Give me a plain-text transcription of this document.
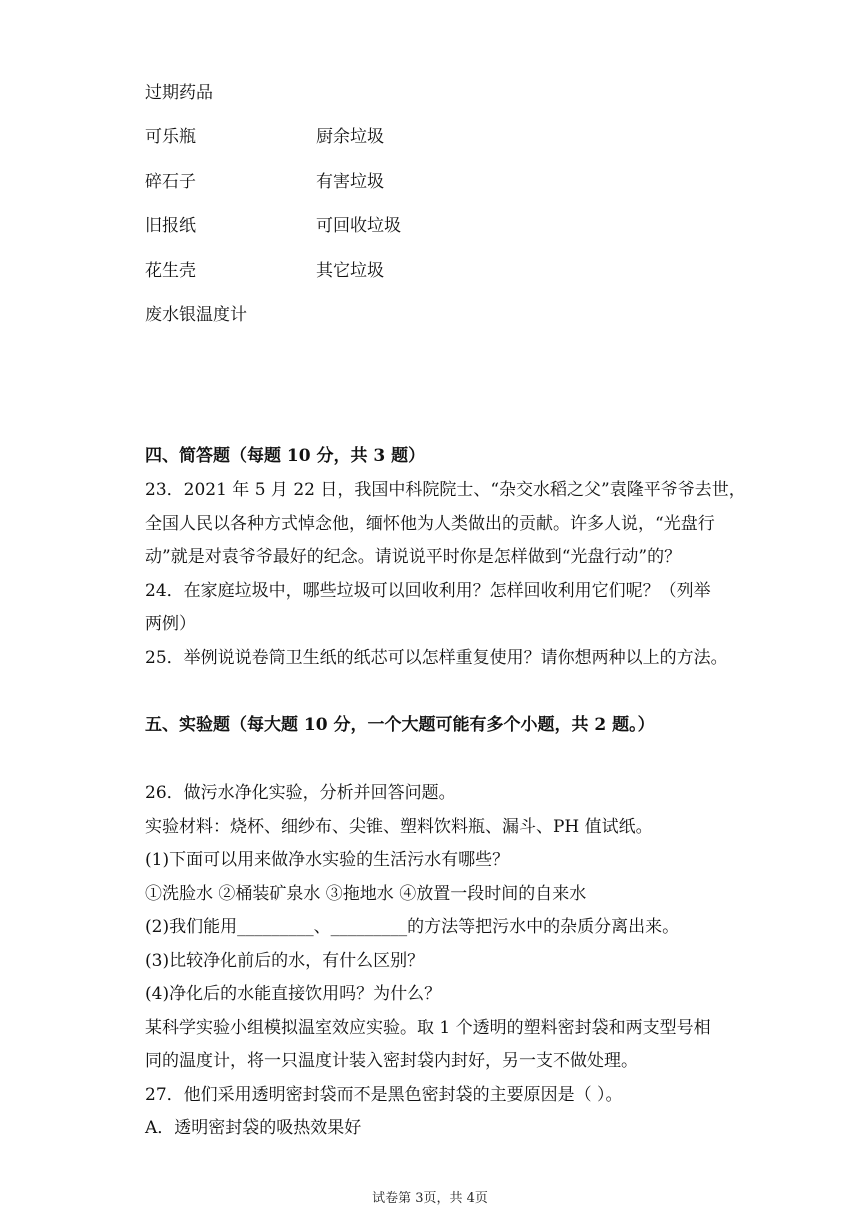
过期药品
可乐瓶	厨余垃圾
碎石子	有害垃圾
旧报纸	可回收垃圾
花生壳	其它垃圾
废水银温度计
四、简答题（每题 10 分，共 3 题）
23．2021 年 5 月 22 日，我国中科院院士、“杂交水稻之父”袁隆平爷爷去世，
全国人民以各种方式悼念他，缅怀他为人类做出的贡献。许多人说，“光盘行
动”就是对袁爷爷最好的纪念。请说说平时你是怎样做到“光盘行动”的？
24．在家庭垃圾中，哪些垃圾可以回收利用？怎样回收利用它们呢？（列举
两例）
25．举例说说卷筒卫生纸的纸芯可以怎样重复使用？请你想两种以上的方法。
五、实验题（每大题 10 分，一个大题可能有多个小题，共 2 题。）
26．做污水净化实验，分析并回答问题。
实验材料：烧杯、细纱布、尖锥、塑料饮料瓶、漏斗、PH 值试纸。
(1)下面可以用来做净水实验的生活污水有哪些？
①洗脸水 ②桶装矿泉水 ③拖地水 ④放置一段时间的自来水
(2)我们能用_________、_________的方法等把污水中的杂质分离出来。
(3)比较净化前后的水，有什么区别？
(4)净化后的水能直接饮用吗？为什么？
某科学实验小组模拟温室效应实验。取 1 个透明的塑料密封袋和两支型号相
同的温度计，将一只温度计装入密封袋内封好，另一支不做处理。
27．他们采用透明密封袋而不是黑色密封袋的主要原因是（ ）。
A．透明密封袋的吸热效果好
试卷第 3页，共 4页
